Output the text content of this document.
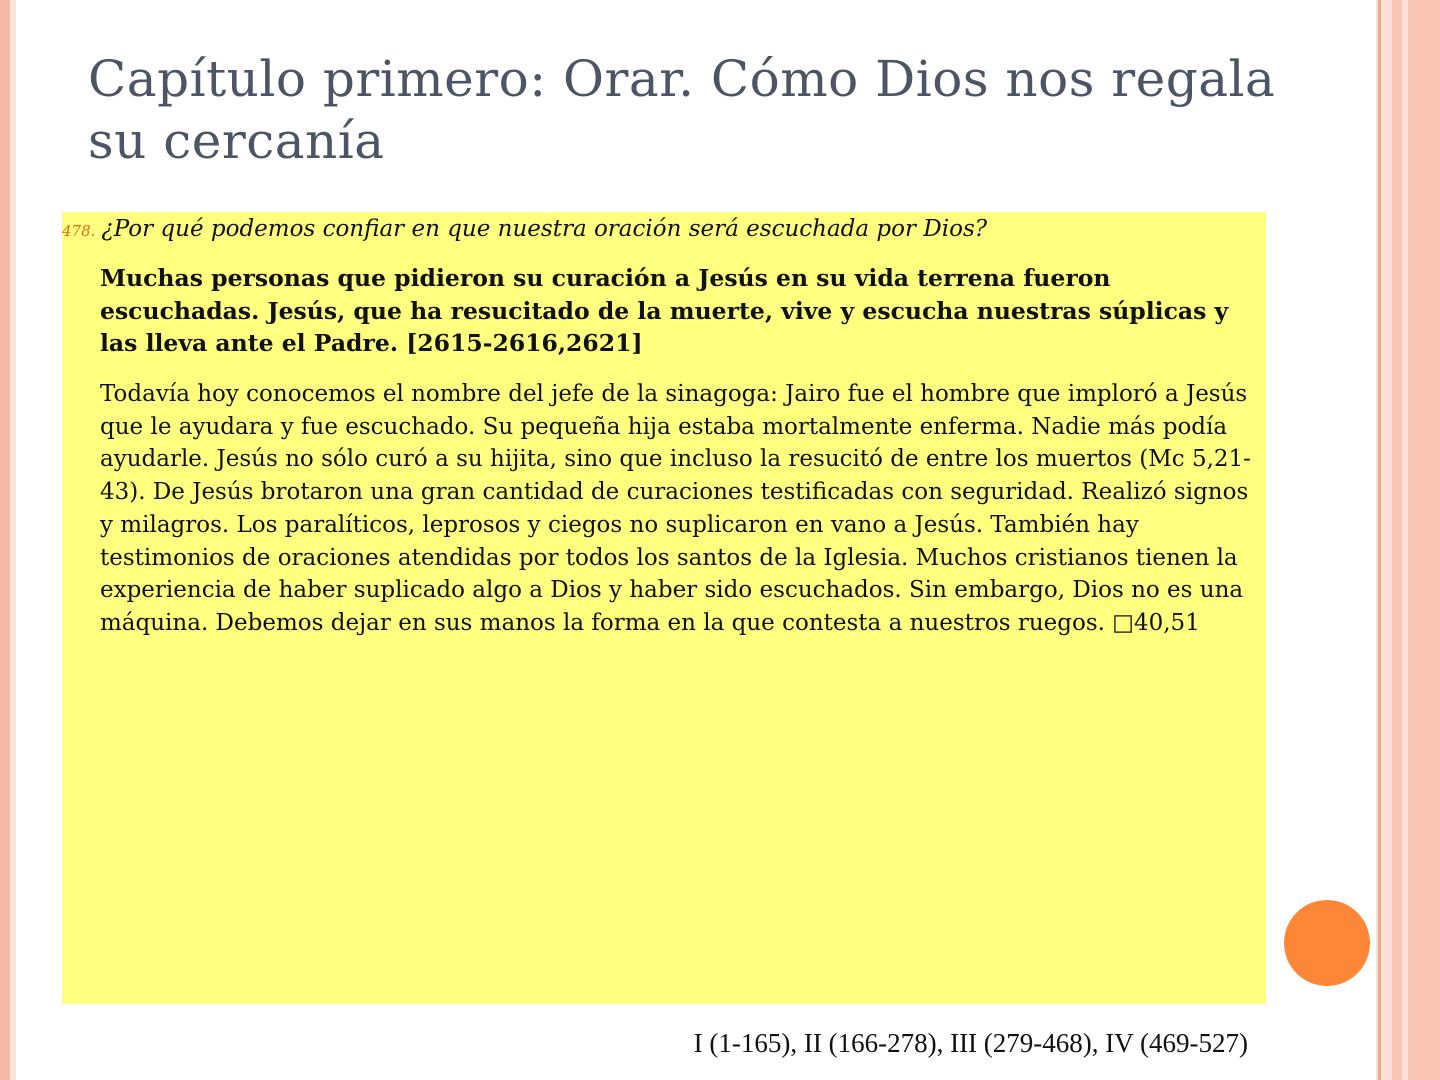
Capítulo primero: Orar. Cómo Dios nos regala su cercanía
478. ¿Por qué podemos confiar en que nuestra oración será escuchada por Dios?
Muchas personas que pidieron su curación a Jesús en su vida terrena fueron escuchadas. Jesús, que ha resucitado de la muerte, vive y escucha nuestras súplicas y las lleva ante el Padre. [2615-2616,2621]
Todavía hoy conocemos el nombre del jefe de la sinagoga: Jairo fue el hombre que imploró a Jesús que le ayudara y fue escuchado. Su pequeña hija estaba mortalmente enferma. Nadie más podía ayudarle. Jesús no sólo curó a su hijita, sino que incluso la resucitó de entre los muertos (Mc 5,21-43). De Jesús brotaron una gran cantidad de curaciones testificadas con seguridad. Realizó signos y milagros. Los paralíticos, leprosos y ciegos no suplicaron en vano a Jesús. También hay testimonios de oraciones atendidas por todos los santos de la Iglesia. Muchos cristianos tienen la experiencia de haber suplicado algo a Dios y haber sido escuchados. Sin embargo, Dios no es una máquina. Debemos dejar en sus manos la forma en la que contesta a nuestros ruegos. □40,51
I (1-165), II (166-278), III (279-468), IV (469-527)
